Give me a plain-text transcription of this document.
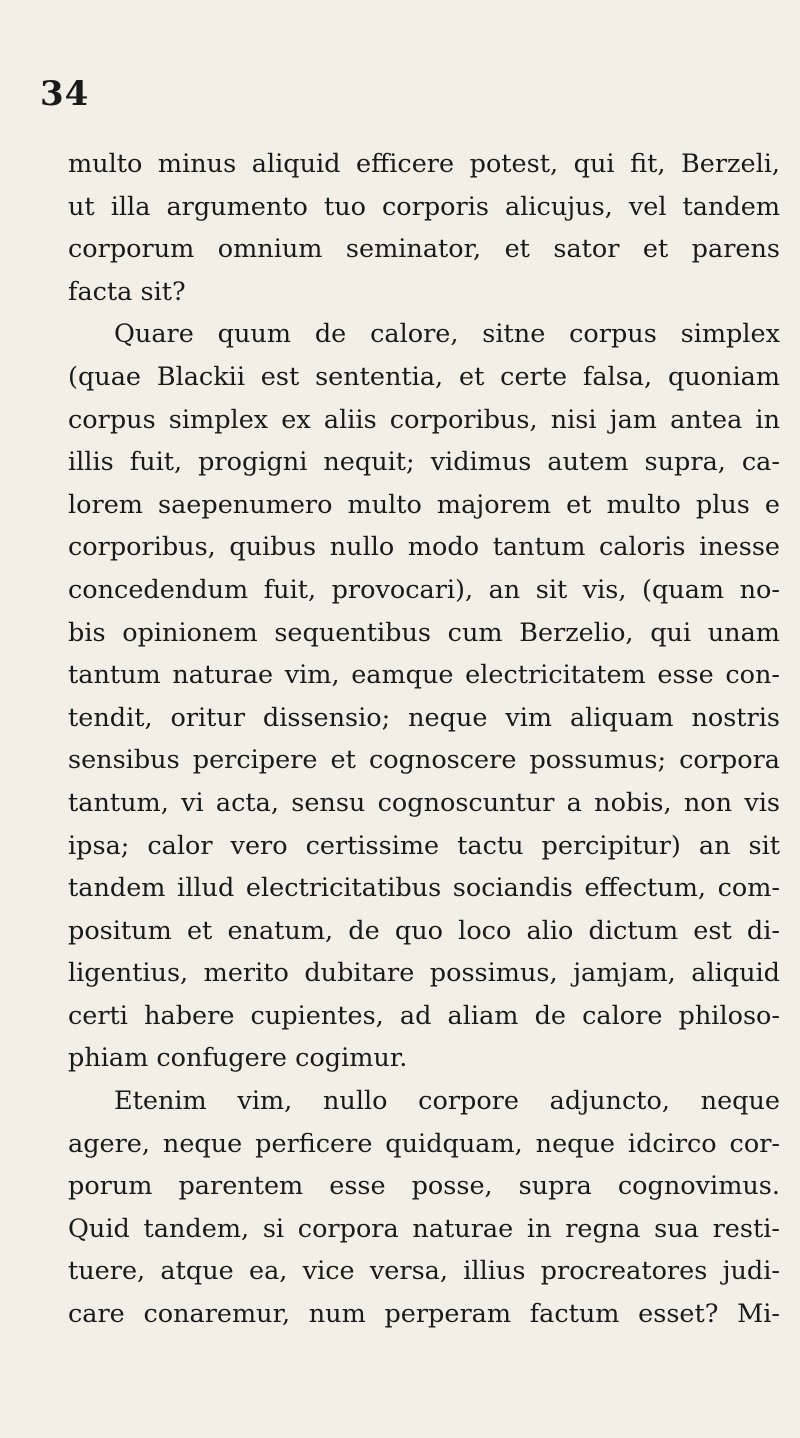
34
multo minus aliquid efficere potest, qui fit, Berzeli,
ut illa argumento tuo corporis alicujus, vel tandem
corporum omnium seminator, et sator et parens
facta sit?
Quare quum de calore, sitne corpus simplex
(quae Blackii est sententia, et certe falsa, quoniam
corpus simplex ex aliis corporibus, nisi jam antea in
illis fuit, progigni nequit; vidimus autem supra, ca-
lorem saepenumero multo majorem et multo plus e
corporibus, quibus nullo modo tantum caloris inesse
concedendum fuit, provocari), an sit vis, (quam no-
bis opinionem sequentibus cum Berzelio, qui unam
tantum naturae vim, eamque electricitatem esse con-
tendit, oritur dissensio; neque vim aliquam nostris
sensibus percipere et cognoscere possumus; corpora
tantum, vi acta, sensu cognoscuntur a nobis, non vis
ipsa; calor vero certissime tactu percipitur) an sit
tandem illud electricitatibus sociandis effectum, com-
positum et enatum, de quo loco alio dictum est di-
ligentius, merito dubitare possimus, jamjam, aliquid
certi habere cupientes, ad aliam de calore philoso-
phiam confugere cogimur.
Etenim vim, nullo corpore adjuncto, neque
agere, neque perficere quidquam, neque idcirco cor-
porum parentem esse posse, supra cognovimus.
Quid tandem, si corpora naturae in regna sua resti-
tuere, atque ea, vice versa, illius procreatores judi-
care conaremur, num perperam factum esset? Mi-
